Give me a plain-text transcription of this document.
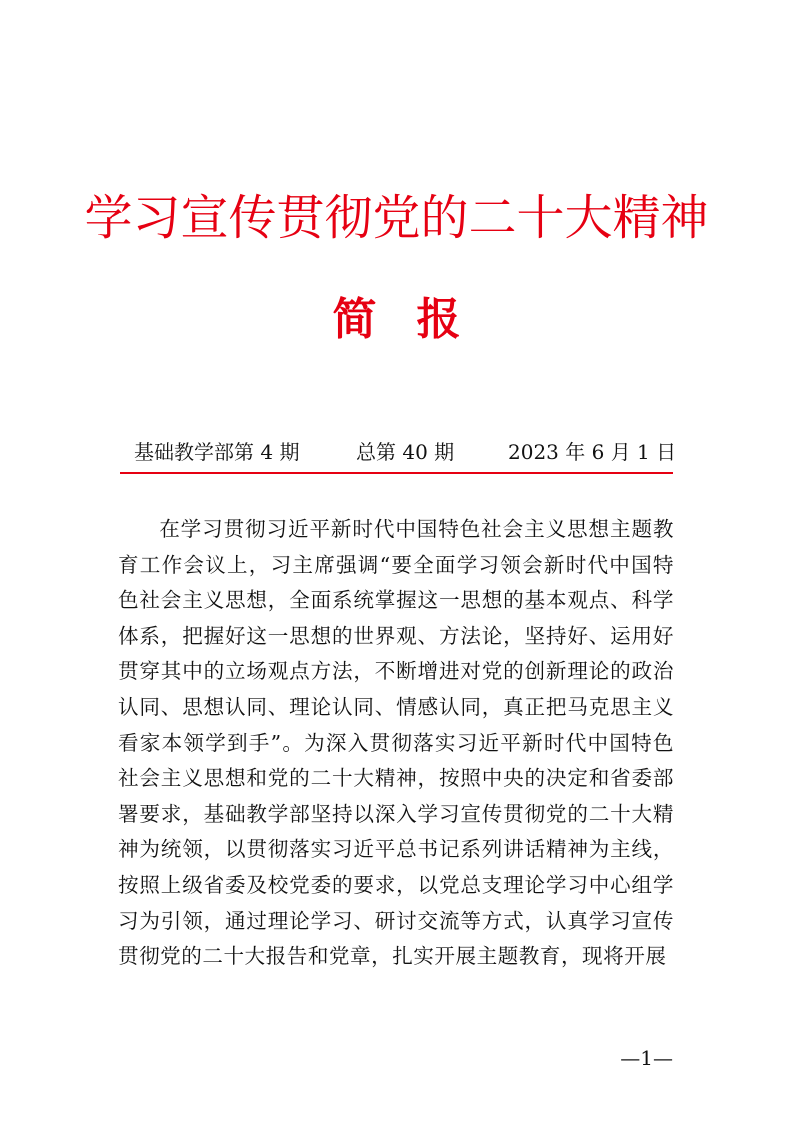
学习宣传贯彻党的二十大精神
简报
基础教学部第 4 期	总第 40 期	2023 年 6 月 1 日
在学习贯彻习近平新时代中国特色社会主义思想主题教育工作会议上，习主席强调“要全面学习领会新时代中国特色社会主义思想，全面系统掌握这一思想的基本观点、科学体系，把握好这一思想的世界观、方法论，坚持好、运用好贯穿其中的立场观点方法，不断增进对党的创新理论的政治认同、思想认同、理论认同、情感认同，真正把马克思主义看家本领学到手”。为深入贯彻落实习近平新时代中国特色社会主义思想和党的二十大精神，按照中央的决定和省委部署要求，基础教学部坚持以深入学习宣传贯彻党的二十大精神为统领，以贯彻落实习近平总书记系列讲话精神为主线，按照上级省委及校党委的要求，以党总支理论学习中心组学习为引领，通过理论学习、研讨交流等方式，认真学习宣传贯彻党的二十大报告和党章，扎实开展主题教育，现将开展
—1—
